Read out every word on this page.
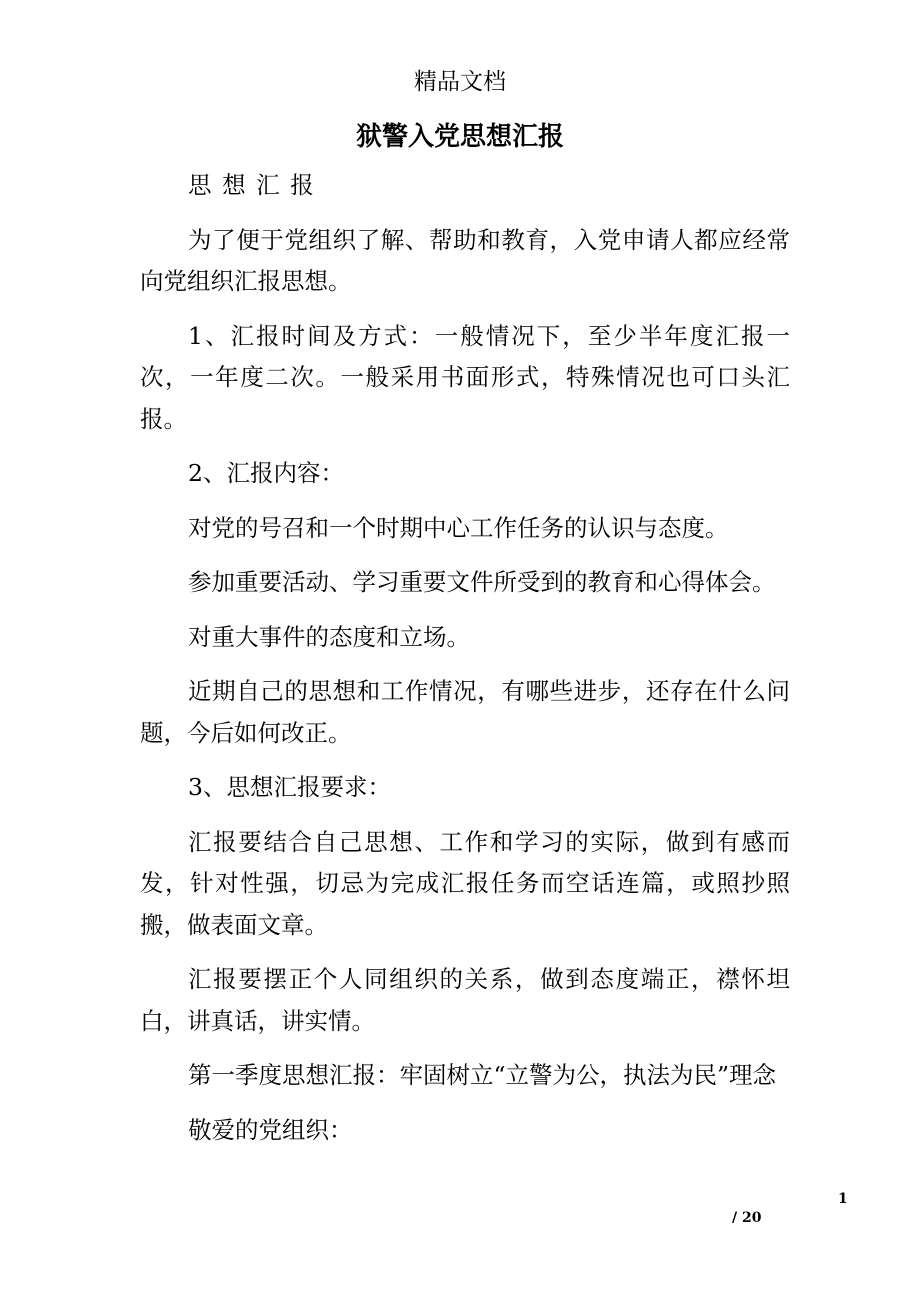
精品文档
狱警入党思想汇报

思想汇报

为了便于党组织了解、帮助和教育，入党申请人都应经常向党组织汇报思想。

1、汇报时间及方式：一般情况下，至少半年度汇报一次，一年度二次。一般采用书面形式，特殊情况也可口头汇报。

2、汇报内容：

对党的号召和一个时期中心工作任务的认识与态度。

参加重要活动、学习重要文件所受到的教育和心得体会。

对重大事件的态度和立场。

近期自己的思想和工作情况，有哪些进步，还存在什么问题，今后如何改正。

3、思想汇报要求：

汇报要结合自己思想、工作和学习的实际，做到有感而发，针对性强，切忌为完成汇报任务而空话连篇，或照抄照搬，做表面文章。

汇报要摆正个人同组织的关系，做到态度端正，襟怀坦白，讲真话，讲实情。

第一季度思想汇报：牢固树立“立警为公，执法为民”理念

敬爱的党组织：

1
/ 20
